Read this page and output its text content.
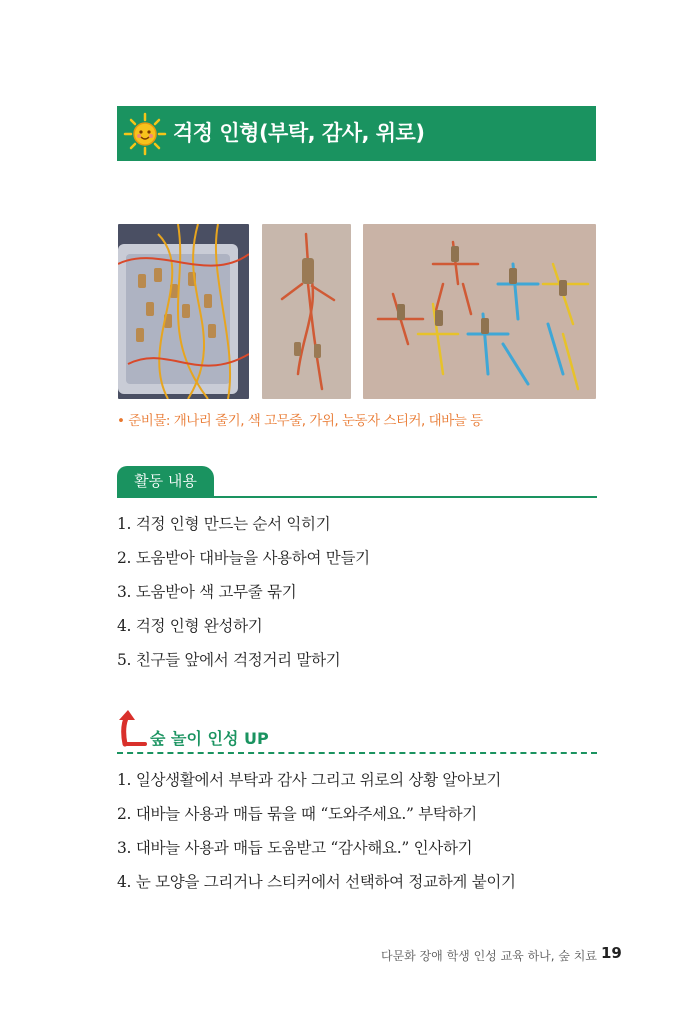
걱정 인형(부탁, 감사, 위로)
• 준비물: 개나리 줄기, 색 고무줄, 가위, 눈동자 스티커, 대바늘 등
활동 내용
1. 걱정 인형 만드는 순서 익히기
2. 도움받아 대바늘을 사용하여 만들기
3. 도움받아 색 고무줄 묶기
4. 걱정 인형 완성하기
5. 친구들 앞에서 걱정거리 말하기
숲 놀이 인성 UP
1. 일상생활에서 부탁과 감사 그리고 위로의 상황 알아보기
2. 대바늘 사용과 매듭 묶을 때 “도와주세요.” 부탁하기
3. 대바늘 사용과 매듭 도움받고 “감사해요.” 인사하기
4. 눈 모양을 그리거나 스티커에서 선택하여 정교하게 붙이기
다문화 장애 학생 인성 교육 하나, 숲 치료 19
